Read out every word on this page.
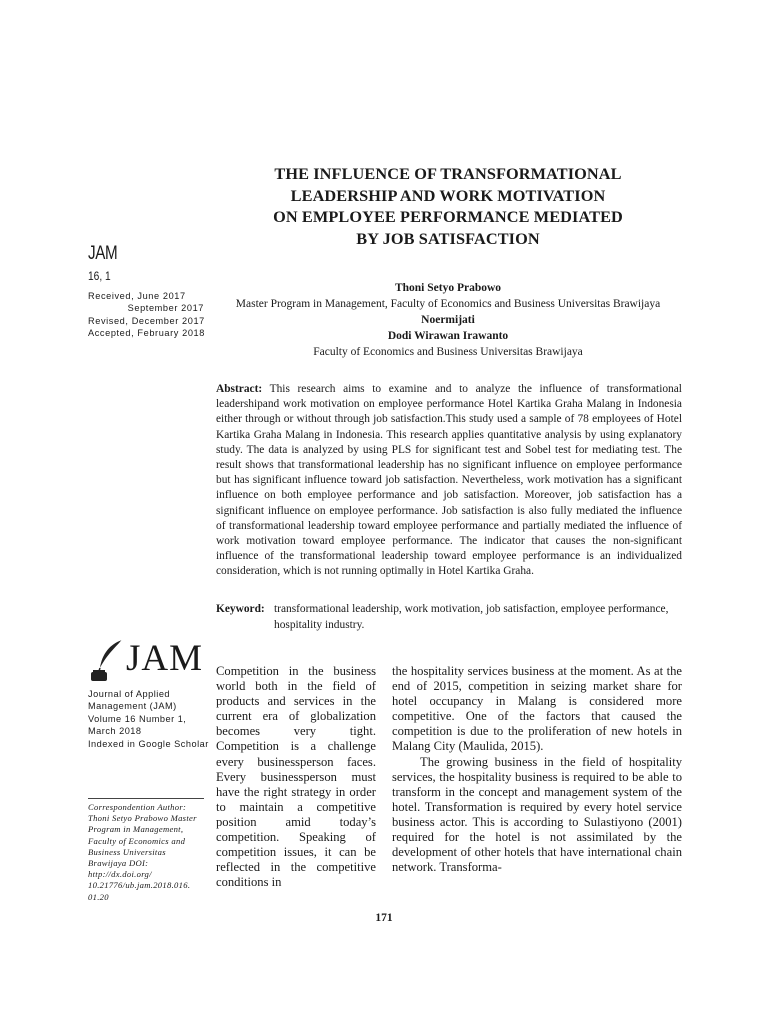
THE INFLUENCE OF TRANSFORMATIONAL
LEADERSHIP AND WORK MOTIVATION
ON EMPLOYEE PERFORMANCE MEDIATED
BY JOB SATISFACTION
JAM
16, 1
Received, June 2017
September 2017
Revised, December 2017
Accepted, February 2018
Thoni Setyo Prabowo
Master Program in Management, Faculty of Economics and Business Universitas Brawijaya
Noermijati
Dodi Wirawan Irawanto
Faculty of Economics and Business Universitas Brawijaya
Abstract: This research aims to examine and to analyze the influence of transformational leadershipand work motivation on employee performance Hotel Kartika Graha Malang in Indonesia either through or without through job satisfaction.This study used a sample of 78 employees of Hotel Kartika Graha Malang in Indonesia. This research applies quantitative analysis by using explanatory study. The data is analyzed by using PLS for significant test and Sobel test for mediating test. The result shows that transformational leadership has no significant influence on employee performance but has significant influence toward job satisfaction. Nevertheless, work motivation has a significant influence on both employee performance and job satisfaction. Moreover, job satisfaction has a significant influence on employee performance. Job satisfaction is also fully mediated the influence of transformational leadership toward employee performance and partially mediated the influence of work motivation toward employee performance. The indicator that causes the non-significant influence of the transformational leadership toward employee performance is an individualized consideration, which is not running optimally in Hotel Kartika Graha.
Keyword: transformational leadership, work motivation, job satisfaction, employee performance, hospitality industry.
JAM
Journal of Applied
Management (JAM)
Volume 16 Number 1,
March 2018
Indexed in Google Scholar
Correspondention Author: Thoni Setyo Prabowo Master Program in Management, Faculty of Economics and Business Universitas Brawijaya DOI: http://dx.doi.org/ 10.21776/ub.jam.2018.016. 01.20
Competition in the business world both in the field of products and services in the current era of globalization becomes very tight. Competition is a challenge every businessperson faces. Every businessperson must have the right strategy in order to maintain a competitive position amid today’s competition. Speaking of competition issues, it can be reflected in the competitive conditions in

the hospitality services business at the moment. As at the end of 2015, competition in seizing market share for hotel occupancy in Malang is considered more competitive. One of the factors that caused the competition is due to the proliferation of new hotels in Malang City (Maulida, 2015).

The growing business in the field of hospitality services, the hospitality business is required to be able to transform in the concept and management system of the hotel. Transformation is required by every hotel service business actor. This is according to Sulastiyono (2001) required for the hotel is not assimilated by the development of other hotels that have international chain network. Transforma-

171
